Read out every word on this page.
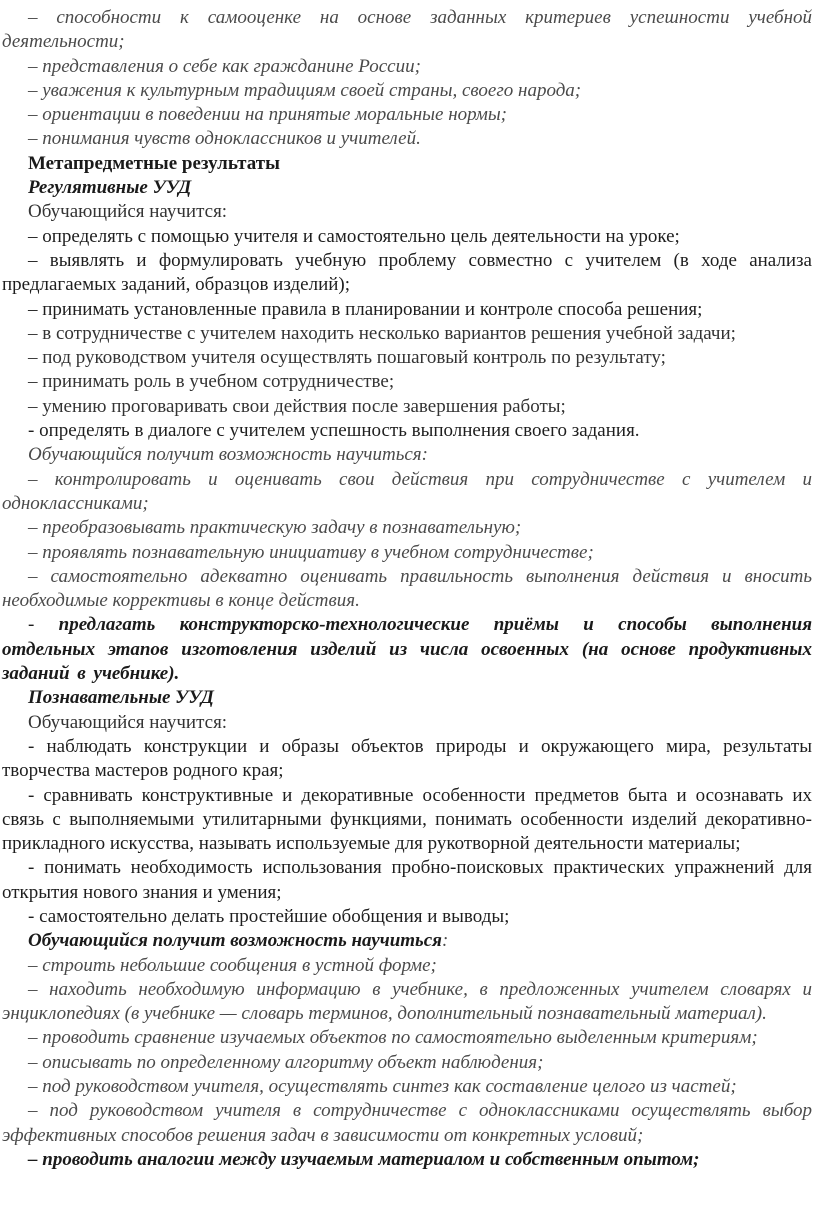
– способности к самооценке на основе заданных критериев успешности учебной деятельности;

– представления о себе как гражданине России;

– уважения к культурным традициям своей страны, своего народа;

– ориентации в поведении на принятые моральные нормы;

– понимания чувств одноклассников и учителей.

Метапредметные результаты

Регулятивные УУД

Обучающийся научится:

– определять с помощью учителя и самостоятельно цель деятельности на уроке;

– выявлять и формулировать учебную проблему совместно с учителем (в ходе анализа предлагаемых заданий, образцов изделий);

– принимать установленные правила в планировании и контроле способа решения;

– в сотрудничестве с учителем находить несколько вариантов решения учебной задачи;

– под руководством учителя осуществлять пошаговый контроль по результату;

– принимать роль в учебном сотрудничестве;

– умению проговаривать свои действия после завершения работы;

- определять в диалоге с учителем успешность выполнения своего задания.

Обучающийся получит возможность научиться:

– контролировать и оценивать свои действия при сотрудничестве с учителем и одноклассниками;

– преобразовывать практическую задачу в познавательную;

– проявлять познавательную инициативу в учебном сотрудничестве;

– самостоятельно адекватно оценивать правильность выполнения действия и вносить необходимые коррективы в конце действия.

- предлагать конструкторско-технологические приёмы и способы выполнения отдельных этапов изготовления изделий из числа освоенных (на основе продуктивных заданий в учебнике).

Познавательные УУД

Обучающийся научится:

- наблюдать конструкции и образы объектов природы и окружающего мира, результаты творчества мастеров родного края;

- сравнивать конструктивные и декоративные особенности предметов быта и осознавать их связь с выполняемыми утилитарными функциями, понимать особенности изделий декоративно-прикладного искусства, называть используемые для рукотворной деятельности материалы;

- понимать необходимость использования пробно-поисковых практических упражнений для открытия нового знания и умения;

- самостоятельно делать простейшие обобщения и выводы;

Обучающийся получит возможность научиться:

– строить небольшие сообщения в устной форме;

– находить необходимую информацию в учебнике, в предложенных учителем словарях и энциклопедиях (в учебнике — словарь терминов, дополнительный познавательный материал).

– проводить сравнение изучаемых объектов по самостоятельно выделенным критериям;

– описывать по определенному алгоритму объект наблюдения;

– под руководством учителя, осуществлять синтез как составление целого из частей;

– под руководством учителя в сотрудничестве с одноклассниками осуществлять выбор эффективных способов решения задач в зависимости от конкретных условий;

– проводить аналогии между изучаемым материалом и собственным опытом;
